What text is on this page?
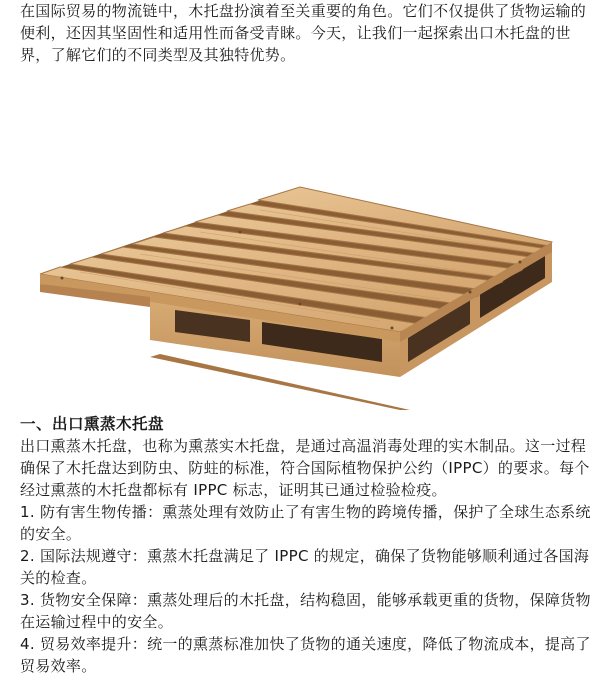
在国际贸易的物流链中，木托盘扮演着至关重要的角色。它们不仅提供了货物运输的便利，还因其坚固性和适用性而备受青睐。今天，让我们一起探索出口木托盘的世界，了解它们的不同类型及其独特优势。

一、出口熏蒸木托盘

出口熏蒸木托盘，也称为熏蒸实木托盘，是通过高温消毒处理的实木制品。这一过程确保了木托盘达到防虫、防蛀的标准，符合国际植物保护公约（IPPC）的要求。每个经过熏蒸的木托盘都标有 IPPC 标志，证明其已通过检验检疫。

1. 防有害生物传播：熏蒸处理有效防止了有害生物的跨境传播，保护了全球生态系统的安全。

2. 国际法规遵守：熏蒸木托盘满足了 IPPC 的规定，确保了货物能够顺利通过各国海关的检查。

3. 货物安全保障：熏蒸处理后的木托盘，结构稳固，能够承载更重的货物，保障货物在运输过程中的安全。

4. 贸易效率提升：统一的熏蒸标准加快了货物的通关速度，降低了物流成本，提高了贸易效率。
